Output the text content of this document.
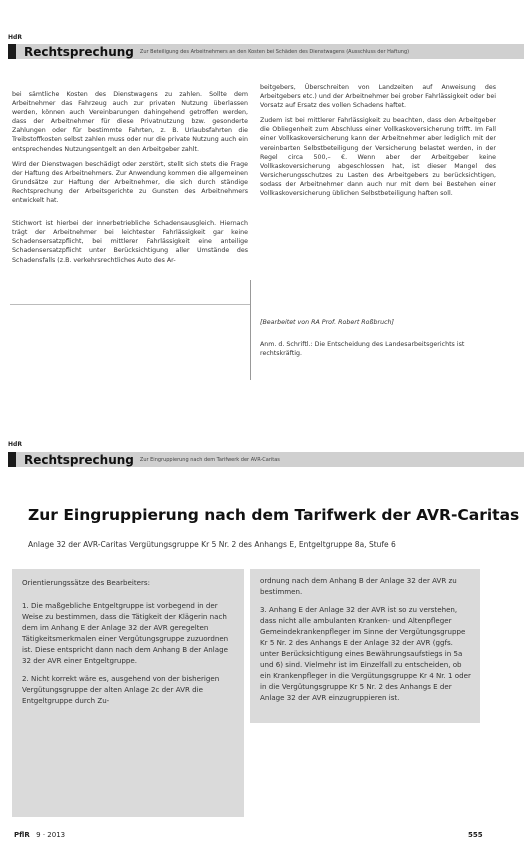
HdR
Rechtsprechung Zur Beteiligung des Arbeitnehmers an den Kosten bei Schäden des Dienstwagens (Ausschluss der Haftung)

bei sämtliche Kosten des Dienstwagens zu zahlen. Sollte dem Arbeitnehmer das Fahrzeug auch zur privaten Nutzung überlassen werden, können auch Vereinbarungen dahingehend getroffen werden, dass der Arbeitnehmer für diese Privatnutzung bzw. gesonderte Zahlungen oder für bestimmte Fahrten, z. B. Urlaubsfahrten die Treibstoffkosten selbst zahlen muss oder nur die private Nutzung auch ein entsprechendes Nutzungsentgelt an den Arbeitgeber zahlt.

Wird der Dienstwagen beschädigt oder zerstört, stellt sich stets die Frage der Haftung des Arbeitnehmers. Zur Anwendung kommen die allgemeinen Grundsätze zur Haftung der Arbeitnehmer, die sich durch ständige Rechtsprechung der Arbeitsgerichte zu Gunsten des Arbeitnehmers entwickelt hat.

Stichwort ist hierbei der innerbetriebliche Schadensausgleich. Hiernach trägt der Arbeitnehmer bei leichtester Fahrlässigkeit gar keine Schadensersatzpflicht, bei mittlerer Fahrlässigkeit eine anteilige Schadensersatzpflicht unter Berücksichtigung aller Umstände des Schadensfalls (z.B. verkehrsrechtliches Auto des Ar-

beitgebers, Überschreiten von Landzeiten auf Anweisung des Arbeitgebers etc.) und der Arbeitnehmer bei grober Fahrlässigkeit oder bei Vorsatz auf Ersatz des vollen Schadens haftet.

Zudem ist bei mittlerer Fahrlässigkeit zu beachten, dass den Arbeitgeber die Obliegenheit zum Abschluss einer Vollkaskoversicherung trifft. Im Fall einer Vollkaskoversicherung kann der Arbeitnehmer aber lediglich mit der vereinbarten Selbstbeteiligung der Versicherung belastet werden, in der Regel circa 500,– €. Wenn aber der Arbeitgeber keine Vollkaskoversicherung abgeschlossen hat, ist dieser Mangel des Versicherungsschutzes zu Lasten des Arbeitgebers zu berücksichtigen, sodass der Arbeitnehmer dann auch nur mit dem bei Bestehen einer Vollkaskoversicherung üblichen Selbstbeteiligung haften soll.

[Bearbeitet von RA Prof. Robert Roßbruch]
Anm. d. Schriftl.: Die Entscheidung des Landesarbeitsgerichts ist rechtskräftig.
HdR
Rechtsprechung Zur Eingruppierung nach dem Tarifwerk der AVR-Caritas
Zur Eingruppierung nach dem Tarifwerk der AVR-Caritas
Anlage 32 der AVR-Caritas Vergütungsgruppe Kr 5 Nr. 2 des Anhangs E, Entgeltgruppe 8a, Stufe 6

Orientierungssätze des Bearbeiters:

1. Die maßgebliche Entgeltgruppe ist vorbegend in der Weise zu bestimmen, dass die Tätigkeit der Klägerin nach dem im Anhang E der Anlage 32 der AVR geregelten Tätigkeitsmerkmalen einer Vergütungsgruppe zuzuordnen ist. Diese entspricht dann nach dem Anhang B der Anlage 32 der AVR einer Entgeltgruppe.

2. Nicht korrekt wäre es, ausgehend von der bisherigen Vergütungsgruppe der alten Anlage 2c der AVR die Entgeltgruppe durch Zu-

ordnung nach dem Anhang B der Anlage 32 der AVR zu bestimmen.

3. Anhang E der Anlage 32 der AVR ist so zu verstehen, dass nicht alle ambulanten Kranken- und Altenpfleger Gemeindekrankenpfleger im Sinne der Vergütungsgruppe Kr 5 Nr. 2 des Anhangs E der Anlage 32 der AVR (ggfs. unter Berücksichtigung eines Bewährungsaufstiegs in 5a und 6) sind. Vielmehr ist im Einzelfall zu entscheiden, ob ein Krankenpfleger in die Vergütungsgruppe Kr 4 Nr. 1 oder in die Vergütungsgruppe Kr 5 Nr. 2 des Anhangs E der Anlage 32 der AVR einzugruppieren ist.

PflR 9 · 2013	555
